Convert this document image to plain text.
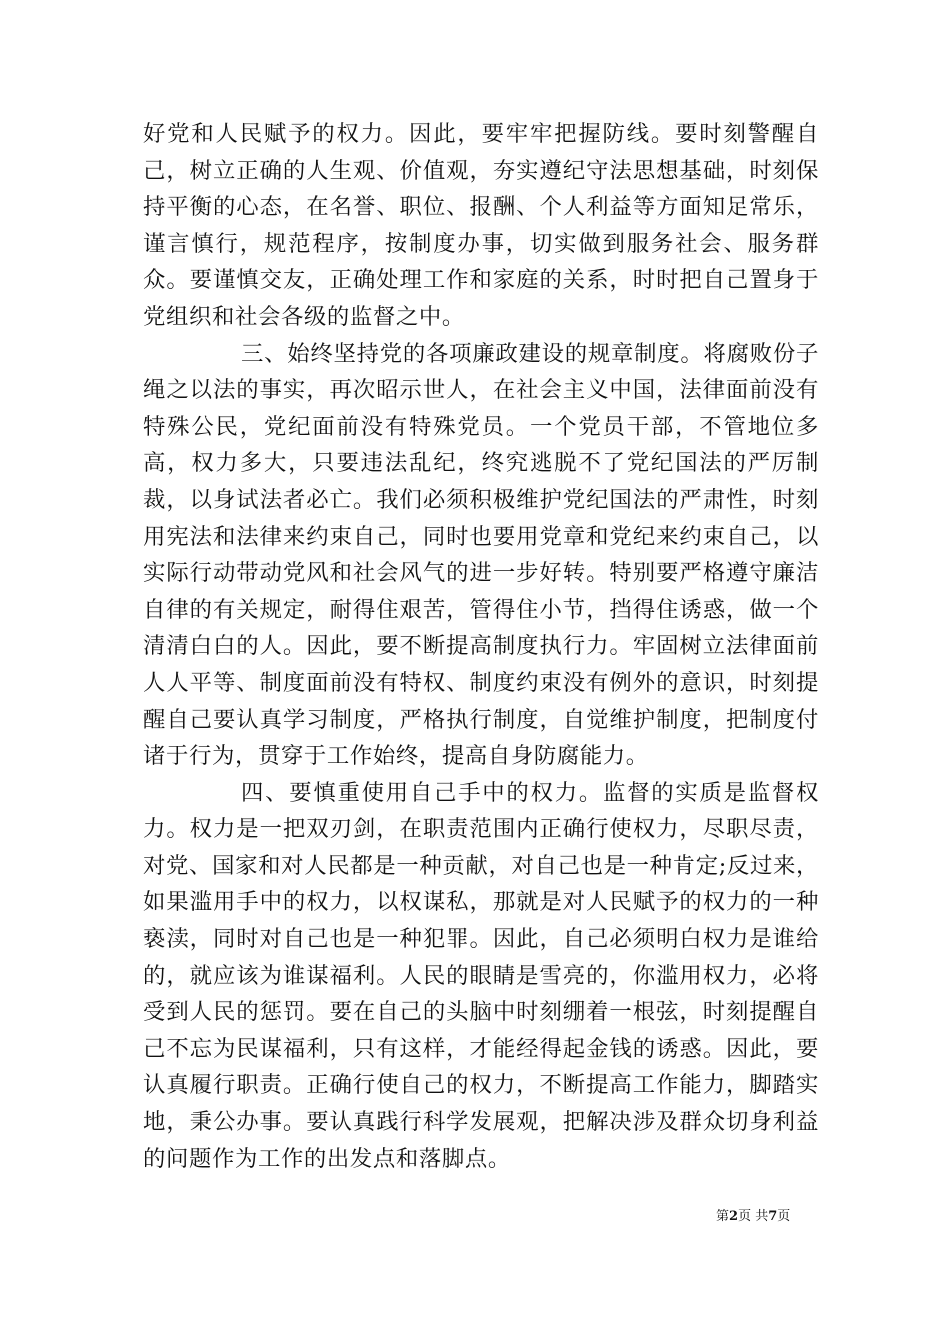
好党和人民赋予的权力。因此，要牢牢把握防线。要时刻警醒自己，树立正确的人生观、价值观，夯实遵纪守法思想基础，时刻保持平衡的心态，在名誉、职位、报酬、个人利益等方面知足常乐，谨言慎行，规范程序，按制度办事，切实做到服务社会、服务群众。要谨慎交友，正确处理工作和家庭的关系，时时把自己置身于党组织和社会各级的监督之中。

三、始终坚持党的各项廉政建设的规章制度。将腐败份子绳之以法的事实，再次昭示世人，在社会主义中国，法律面前没有特殊公民，党纪面前没有特殊党员。一个党员干部，不管地位多高，权力多大，只要违法乱纪，终究逃脱不了党纪国法的严厉制裁，以身试法者必亡。我们必须积极维护党纪国法的严肃性，时刻用宪法和法律来约束自己，同时也要用党章和党纪来约束自己，以实际行动带动党风和社会风气的进一步好转。特别要严格遵守廉洁自律的有关规定，耐得住艰苦，管得住小节，挡得住诱惑，做一个清清白白的人。因此，要不断提高制度执行力。牢固树立法律面前人人平等、制度面前没有特权、制度约束没有例外的意识，时刻提醒自己要认真学习制度，严格执行制度，自觉维护制度，把制度付诸于行为，贯穿于工作始终，提高自身防腐能力。

四、要慎重使用自己手中的权力。监督的实质是监督权力。权力是一把双刃剑，在职责范围内正确行使权力，尽职尽责，对党、国家和对人民都是一种贡献，对自己也是一种肯定;反过来，如果滥用手中的权力，以权谋私，那就是对人民赋予的权力的一种亵渎，同时对自己也是一种犯罪。因此，自己必须明白权力是谁给的，就应该为谁谋福利。人民的眼睛是雪亮的，你滥用权力，必将受到人民的惩罚。要在自己的头脑中时刻绷着一根弦，时刻提醒自己不忘为民谋福利，只有这样，才能经得起金钱的诱惑。因此，要认真履行职责。正确行使自己的权力，不断提高工作能力，脚踏实地，秉公办事。要认真践行科学发展观，把解决涉及群众切身利益的问题作为工作的出发点和落脚点。

第2页 共7页
